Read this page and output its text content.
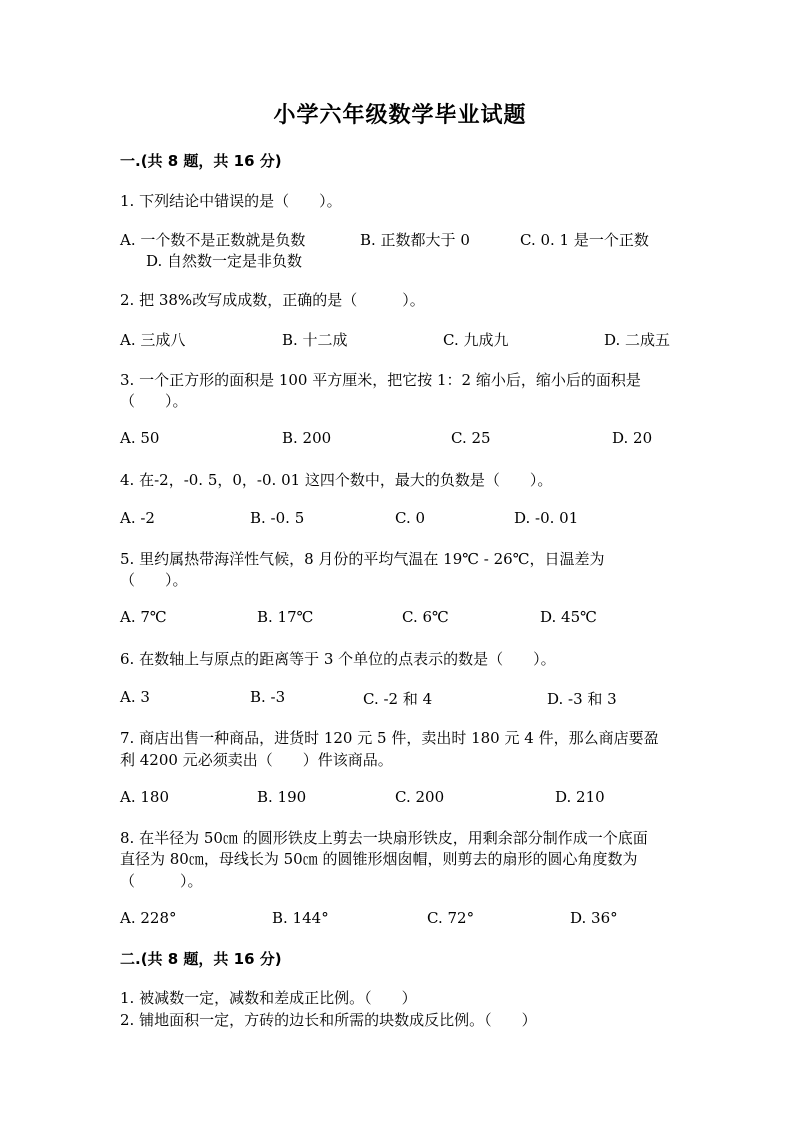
小学六年级数学毕业试题
一.(共 8 题，共 16 分)
1. 下列结论中错误的是（　　）。
A. 一个数不是正数就是负数	B. 正数都大于 0	C. 0. 1 是一个正数
D. 自然数一定是非负数
2. 把 38%改写成成数，正确的是（　　　）。
A. 三成八	B. 十二成	C. 九成九	D. 二成五
3. 一个正方形的面积是 100 平方厘米，把它按 1：2 缩小后，缩小后的面积是
（　　）。
A. 50	B. 200	C. 25	D. 20
4. 在-2，-0. 5，0，-0. 01 这四个数中，最大的负数是（　　）。
A. -2	B. -0. 5	C. 0	D. -0. 01
5. 里约属热带海洋性气候，8 月份的平均气温在 19℃ - 26℃，日温差为
（　　）。
A. 7℃	B. 17℃	C. 6℃	D. 45℃
6. 在数轴上与原点的距离等于 3 个单位的点表示的数是（　　）。
A. 3	B. -3	C. -2 和 4	D. -3 和 3
7. 商店出售一种商品，进货时 120 元 5 件，卖出时 180 元 4 件，那么商店要盈
利 4200 元必须卖出（　　）件该商品。
A. 180	B. 190	C. 200	D. 210
8. 在半径为 50㎝ 的圆形铁皮上剪去一块扇形铁皮，用剩余部分制作成一个底面
直径为 80㎝，母线长为 50㎝ 的圆锥形烟囱帽，则剪去的扇形的圆心角度数为
（　　　）。
A. 228°	B. 144°	C. 72°	D. 36°
二.(共 8 题，共 16 分)
1. 被减数一定，减数和差成正比例。（　　）
2. 铺地面积一定，方砖的边长和所需的块数成反比例。（　　）
